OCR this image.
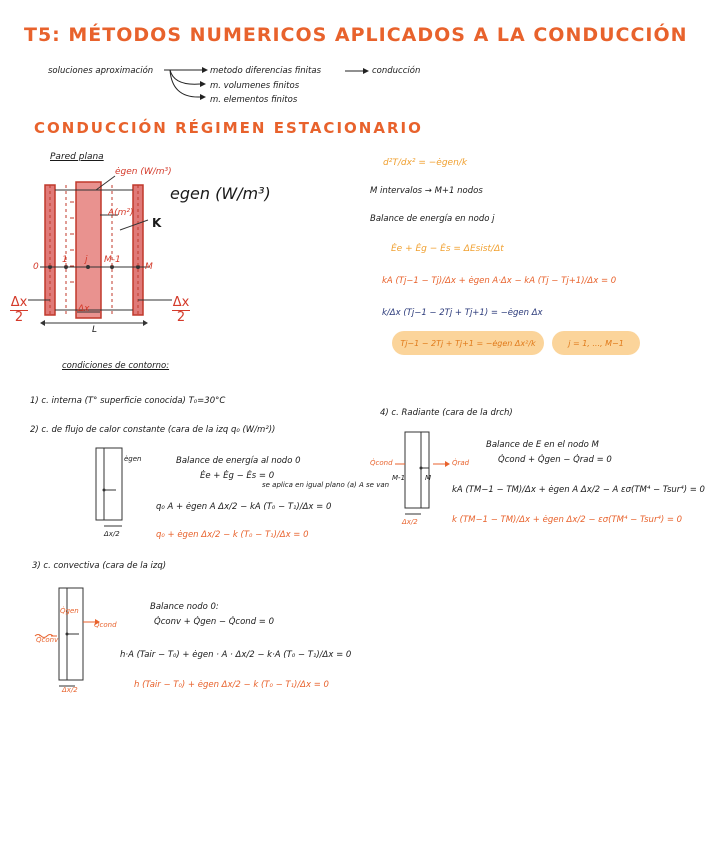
T5: MÉTODOS NUMERICOS APLICADOS A LA CONDUCCIÓN
soluciones aproximación	metodo diferencias finitas
m. volumenes finitos
m. elementos finitos
conducción
CONDUCCIÓN RÉGIMEN ESTACIONARIO
Pared plana
ėgen (W/m³)
egen (W/m³)
A(m²)
K
0
1 j M-1
M
Δx
2
Δx
2
Δx
L
d²T/dx² = −ėgen/k
M intervalos → M+1 nodos
Balance de energía en nodo j
Ėe + Ėg − Ės = ΔEsist/Δt
kA (Tj−1 − Tj)/Δx + ėgen A·Δx − kA (Tj − Tj+1)/Δx = 0
k/Δx (Tj−1 − 2Tj + Tj+1) = −ėgen Δx
Tj−1 − 2Tj + Tj+1 = −ėgen Δx²/k	j = 1, ..., M−1
condiciones de contorno:
1) c. interna (T° superficie conocida) T₀=30°C
2) c. de flujo de calor constante (cara de la izq q₀ (W/m²))
ėgen
Δx/2
Balance de energía al nodo 0
Ėe + Ėg − Ės = 0
se aplica en igual plano (a) A se van
q₀ A + ėgen A Δx/2 − kA (T₀ − T₁)/Δx = 0
q₀ + ėgen Δx/2 − k (T₀ − T₁)/Δx = 0
4) c. Radiante (cara de la drch)
Q̇cond	Q̇rad
M-1	M
Δx/2
Balance de E en el nodo M
Q̇cond + Q̇gen − Q̇rad = 0
kA (TM−1 − TM)/Δx + ėgen A Δx/2 − A εσ(TM⁴ − Tsur⁴) = 0
k (TM−1 − TM)/Δx + ėgen Δx/2 − εσ(TM⁴ − Tsur⁴) = 0
3) c. convectiva (cara de la izq)
Q̇gen
Q̇cond
Q̇conv
Δx/2
Balance nodo 0:
Q̇conv + Q̇gen − Q̇cond = 0
h·A (Tair − T₀) + ėgen · A · Δx/2 − k·A (T₀ − T₁)/Δx = 0
h (Tair − T₀) + ėgen Δx/2 − k (T₀ − T₁)/Δx = 0
